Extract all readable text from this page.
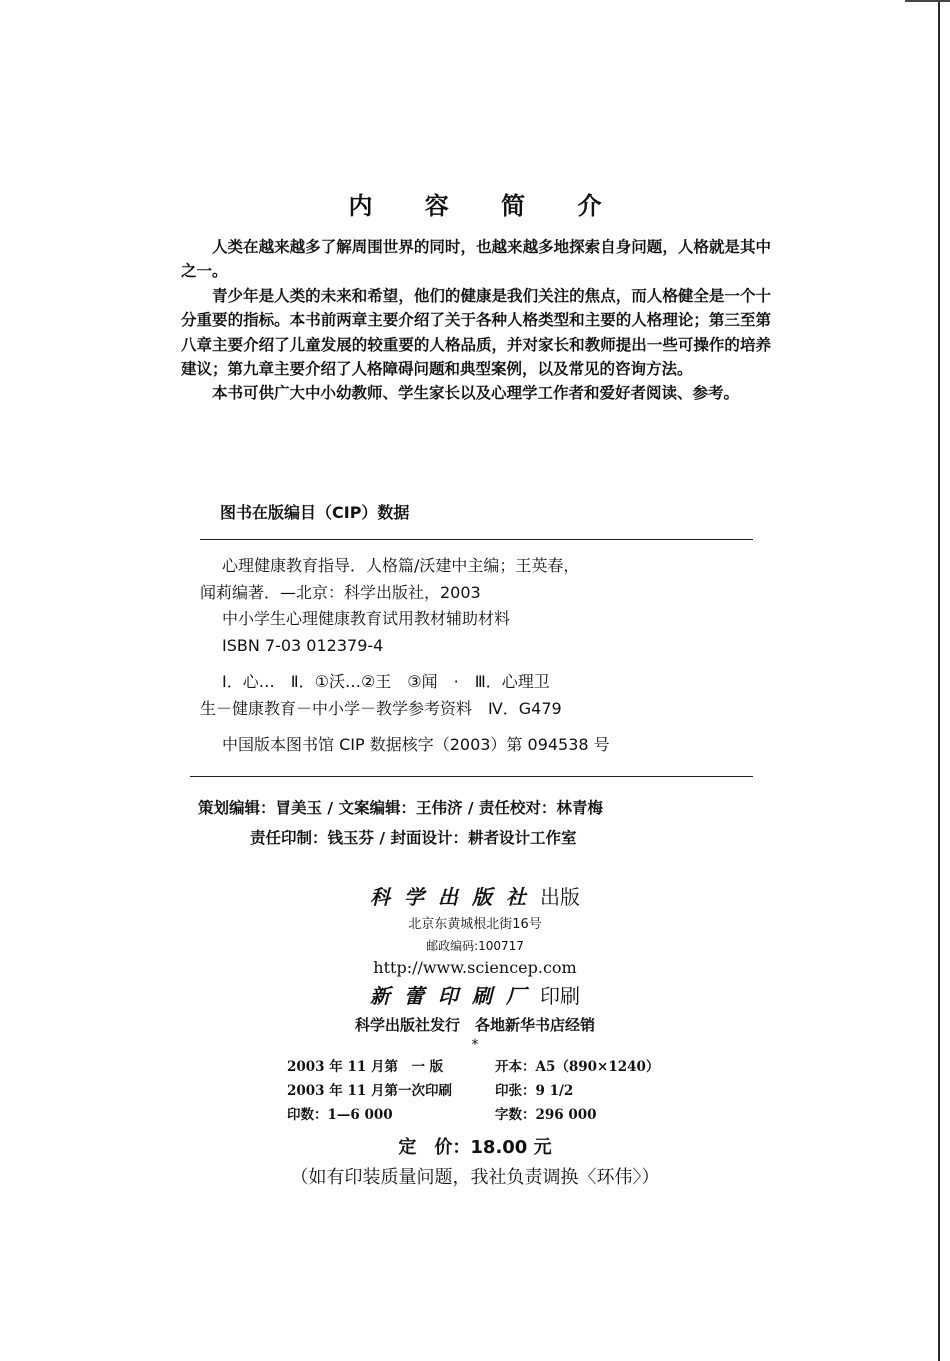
内 容 简 介

人类在越来越多了解周围世界的同时，也越来越多地探索自身问题，人格就是其中之一。

青少年是人类的未来和希望，他们的健康是我们关注的焦点，而人格健全是一个十分重要的指标。本书前两章主要介绍了关于各种人格类型和主要的人格理论；第三至第八章主要介绍了儿童发展的较重要的人格品质，并对家长和教师提出一些可操作的培养建议；第九章主要介绍了人格障碍问题和典型案例，以及常见的咨询方法。

本书可供广大中小幼教师、学生家长以及心理学工作者和爱好者阅读、参考。

图书在版编目（CIP）数据
心理健康教育指导．人格篇/沃建中主编；王英春，
闻莉编著．—北京：科学出版社，2003
中小学生心理健康教育试用教材辅助材料
ISBN 7-03 012379-4
Ⅰ．心…　Ⅱ．①沃…②王　③闻　·　Ⅲ．心理卫
生－健康教育－中小学－教学参考资料　Ⅳ．G479
中国版本图书馆 CIP 数据核字（2003）第 094538 号
策划编辑：冒美玉 / 文案编辑：王伟济 / 责任校对：林青梅
责任印制：钱玉芬 / 封面设计：耕者设计工作室
科学出版社出版
北京东黄城根北街16号
邮政编码:100717
http://www.sciencep.com
新蕾印刷厂印刷
科学出版社发行　各地新华书店经销
*
2003 年 11 月第　一 版	开本：A5（890×1240）
2003 年 11 月第一次印刷	印张：9 1/2
印数：1—6 000	字数：296 000
定　价：18.00 元
（如有印装质量问题，我社负责调换〈环伟〉）
